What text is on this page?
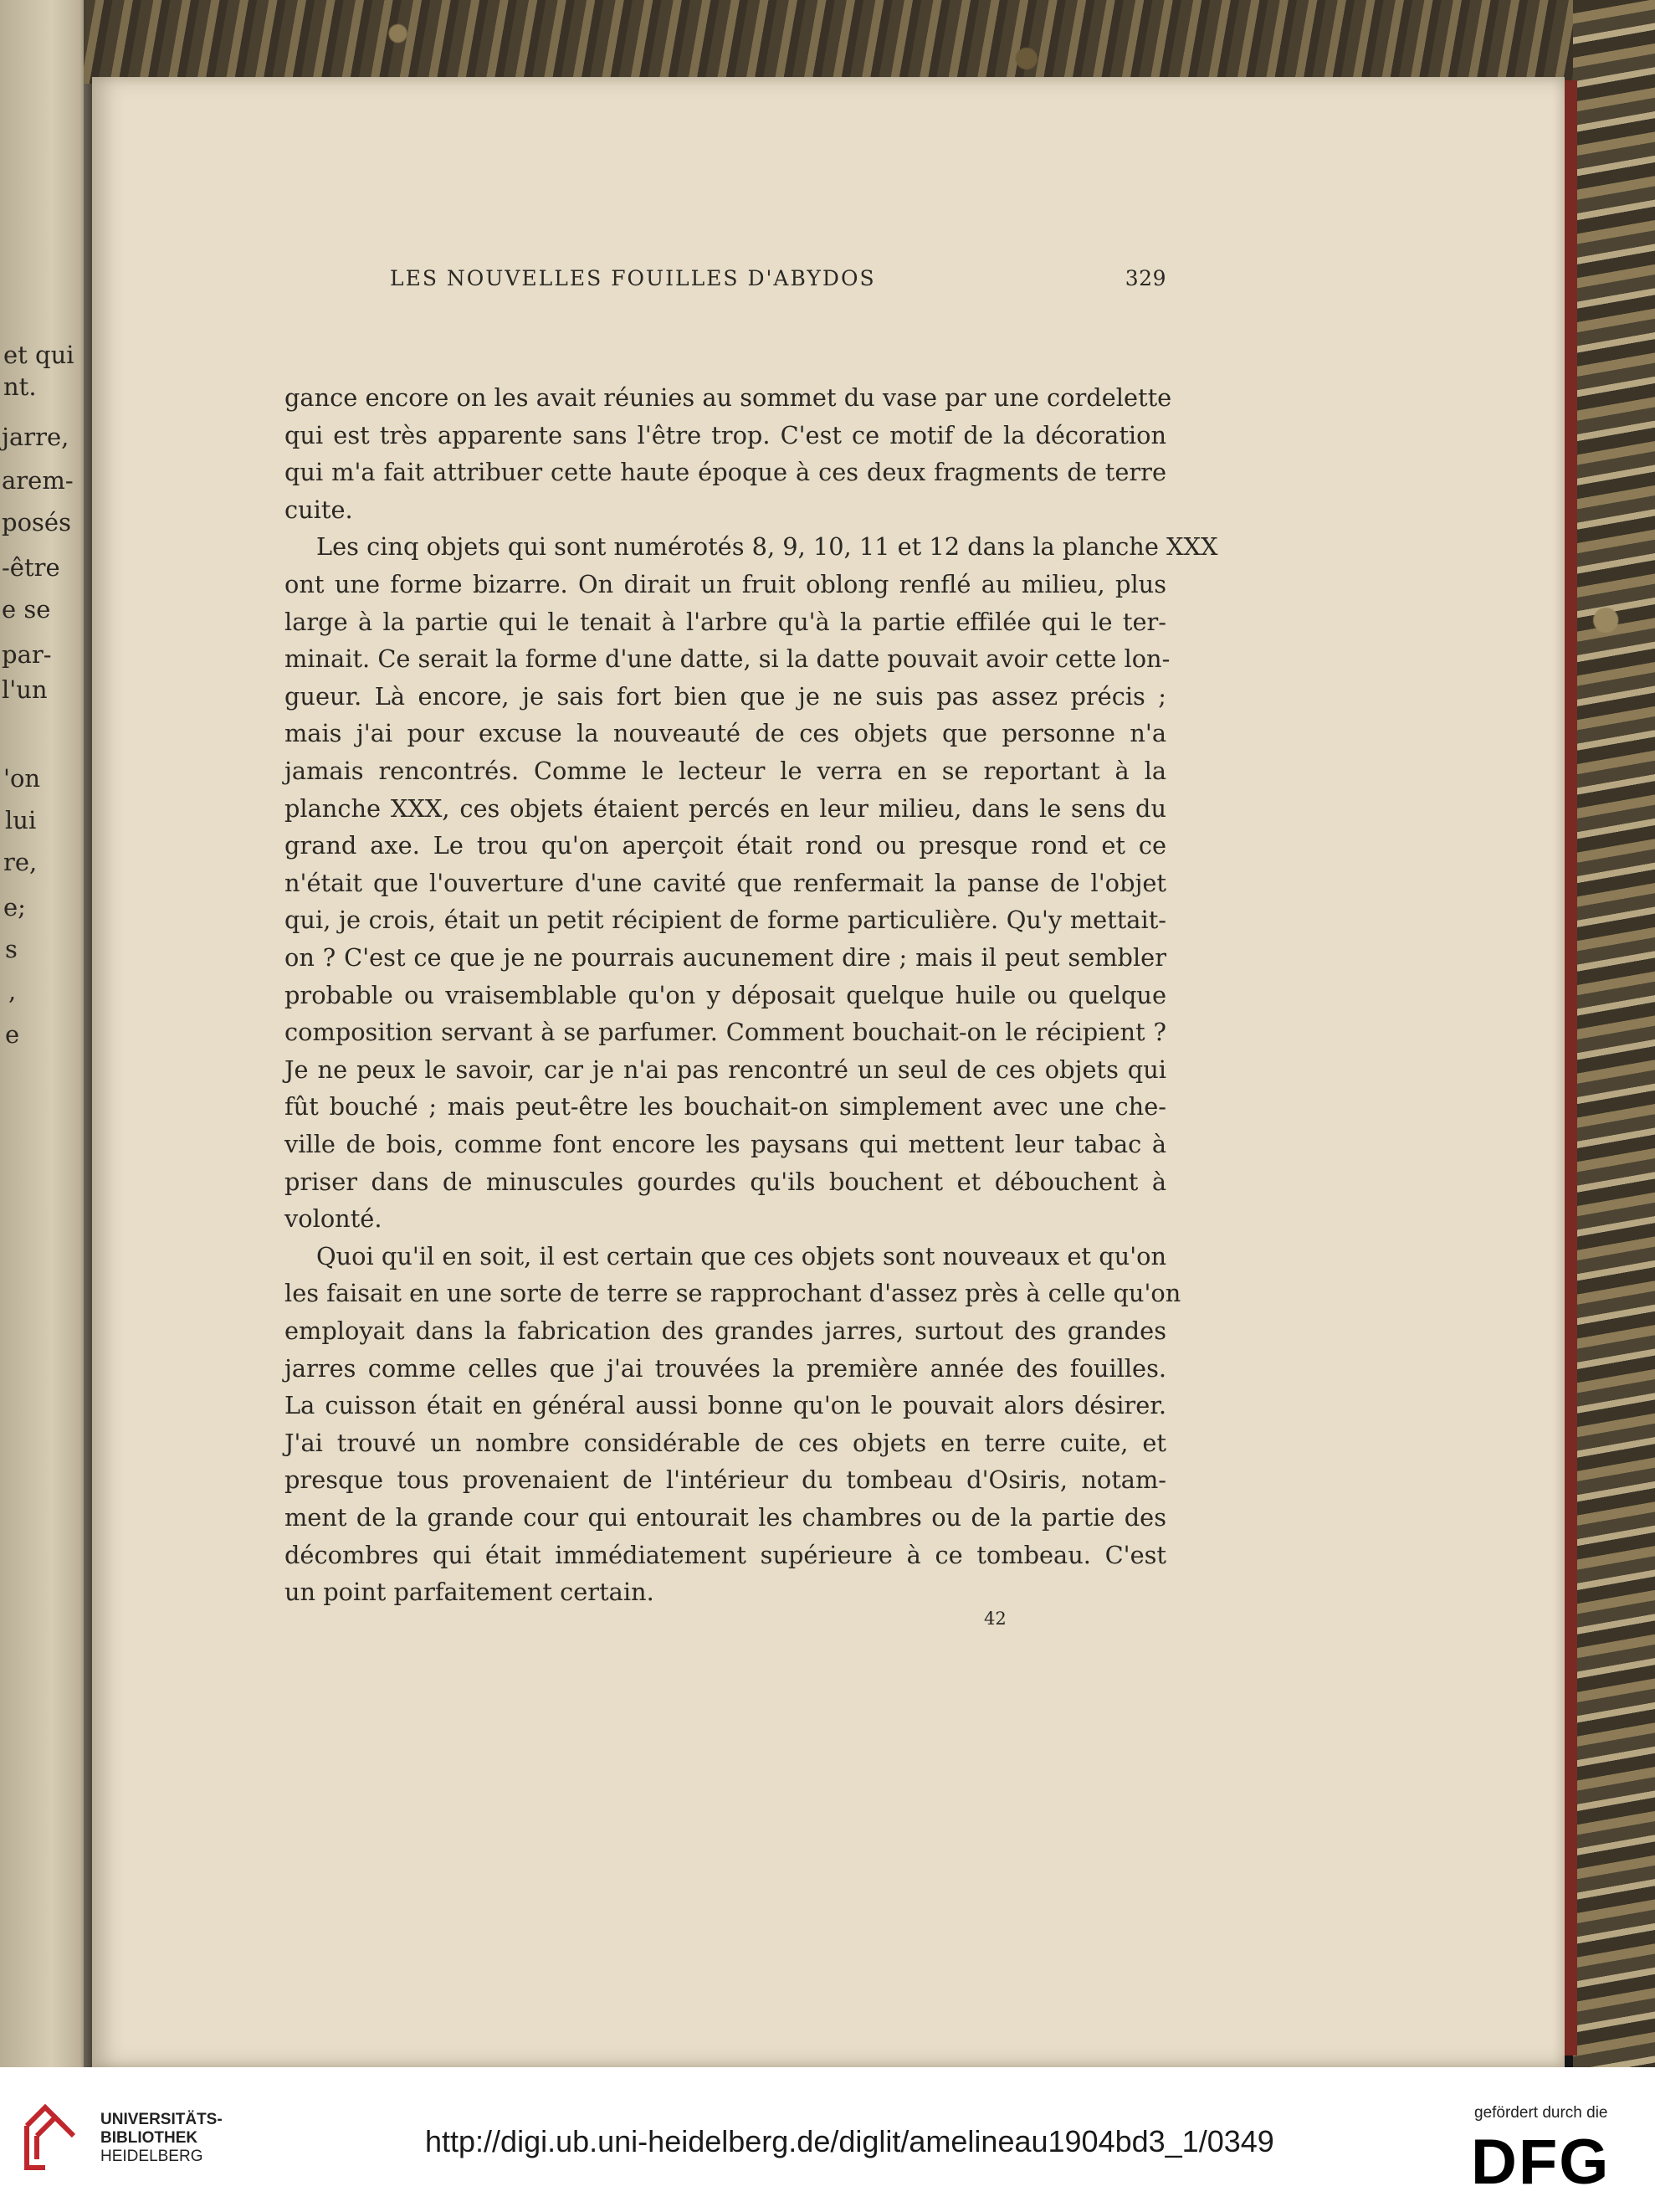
et qui
nt.
jarre,
arem-
posés
-être
e se
par-
l'un
'on
lui
re,
e;
s
,
e
LES NOUVELLES FOUILLES D'ABYDOS	329
gance encore on les avait réunies au sommet du vase par une cordelette
qui est très apparente sans l'être trop. C'est ce motif de la décoration
qui m'a fait attribuer cette haute époque à ces deux fragments de terre
cuite.
Les cinq objets qui sont numérotés 8, 9, 10, 11 et 12 dans la planche XXX
ont une forme bizarre. On dirait un fruit oblong renflé au milieu, plus
large à la partie qui le tenait à l'arbre qu'à la partie effilée qui le ter-
minait. Ce serait la forme d'une datte, si la datte pouvait avoir cette lon-
gueur. Là encore, je sais fort bien que je ne suis pas assez précis ;
mais j'ai pour excuse la nouveauté de ces objets que personne n'a
jamais rencontrés. Comme le lecteur le verra en se reportant à la
planche XXX, ces objets étaient percés en leur milieu, dans le sens du
grand axe. Le trou qu'on aperçoit était rond ou presque rond et ce
n'était que l'ouverture d'une cavité que renfermait la panse de l'objet
qui, je crois, était un petit récipient de forme particulière. Qu'y mettait-
on ? C'est ce que je ne pourrais aucunement dire ; mais il peut sembler
probable ou vraisemblable qu'on y déposait quelque huile ou quelque
composition servant à se parfumer. Comment bouchait-on le récipient ?
Je ne peux le savoir, car je n'ai pas rencontré un seul de ces objets qui
fût bouché ; mais peut-être les bouchait-on simplement avec une che-
ville de bois, comme font encore les paysans qui mettent leur tabac à
priser dans de minuscules gourdes qu'ils bouchent et débouchent à
volonté.
Quoi qu'il en soit, il est certain que ces objets sont nouveaux et qu'on
les faisait en une sorte de terre se rapprochant d'assez près à celle qu'on
employait dans la fabrication des grandes jarres, surtout des grandes
jarres comme celles que j'ai trouvées la première année des fouilles.
La cuisson était en général aussi bonne qu'on le pouvait alors désirer.
J'ai trouvé un nombre considérable de ces objets en terre cuite, et
presque tous provenaient de l'intérieur du tombeau d'Osiris, notam-
ment de la grande cour qui entourait les chambres ou de la partie des
décombres qui était immédiatement supérieure à ce tombeau. C'est
un point parfaitement certain.
42
UNIVERSITÄTS-
BIBLIOTHEK
HEIDELBERG	http://digi.ub.uni-heidelberg.de/diglit/amelineau1904bd3_1/0349
gefördert durch die
DFG
